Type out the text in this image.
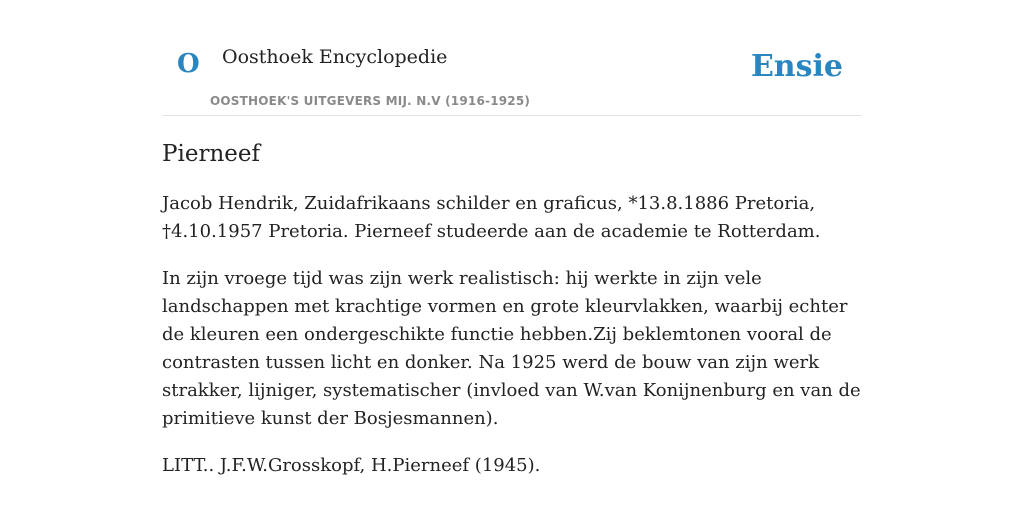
O Oosthoek Encyclopedie
OOSTHOEK'S UITGEVERS MIJ. N.V (1916-1925)
Ensie
Pierneef

Jacob Hendrik, Zuidafrikaans schilder en graficus, *13.8.1886 Pretoria, †4.10.1957 Pretoria. Pierneef studeerde aan de academie te Rotterdam.

In zijn vroege tijd was zijn werk realistisch: hij werkte in zijn vele landschappen met krachtige vormen en grote kleurvlakken, waarbij echter de kleuren een ondergeschikte functie hebben.Zij beklemtonen vooral de contrasten tussen licht en donker. Na 1925 werd de bouw van zijn werk strakker, lijniger, systematischer (invloed van W.van Konijnenburg en van de primitieve kunst der Bosjesmannen).

LITT.. J.F.W.Grosskopf, H.Pierneef (1945).
